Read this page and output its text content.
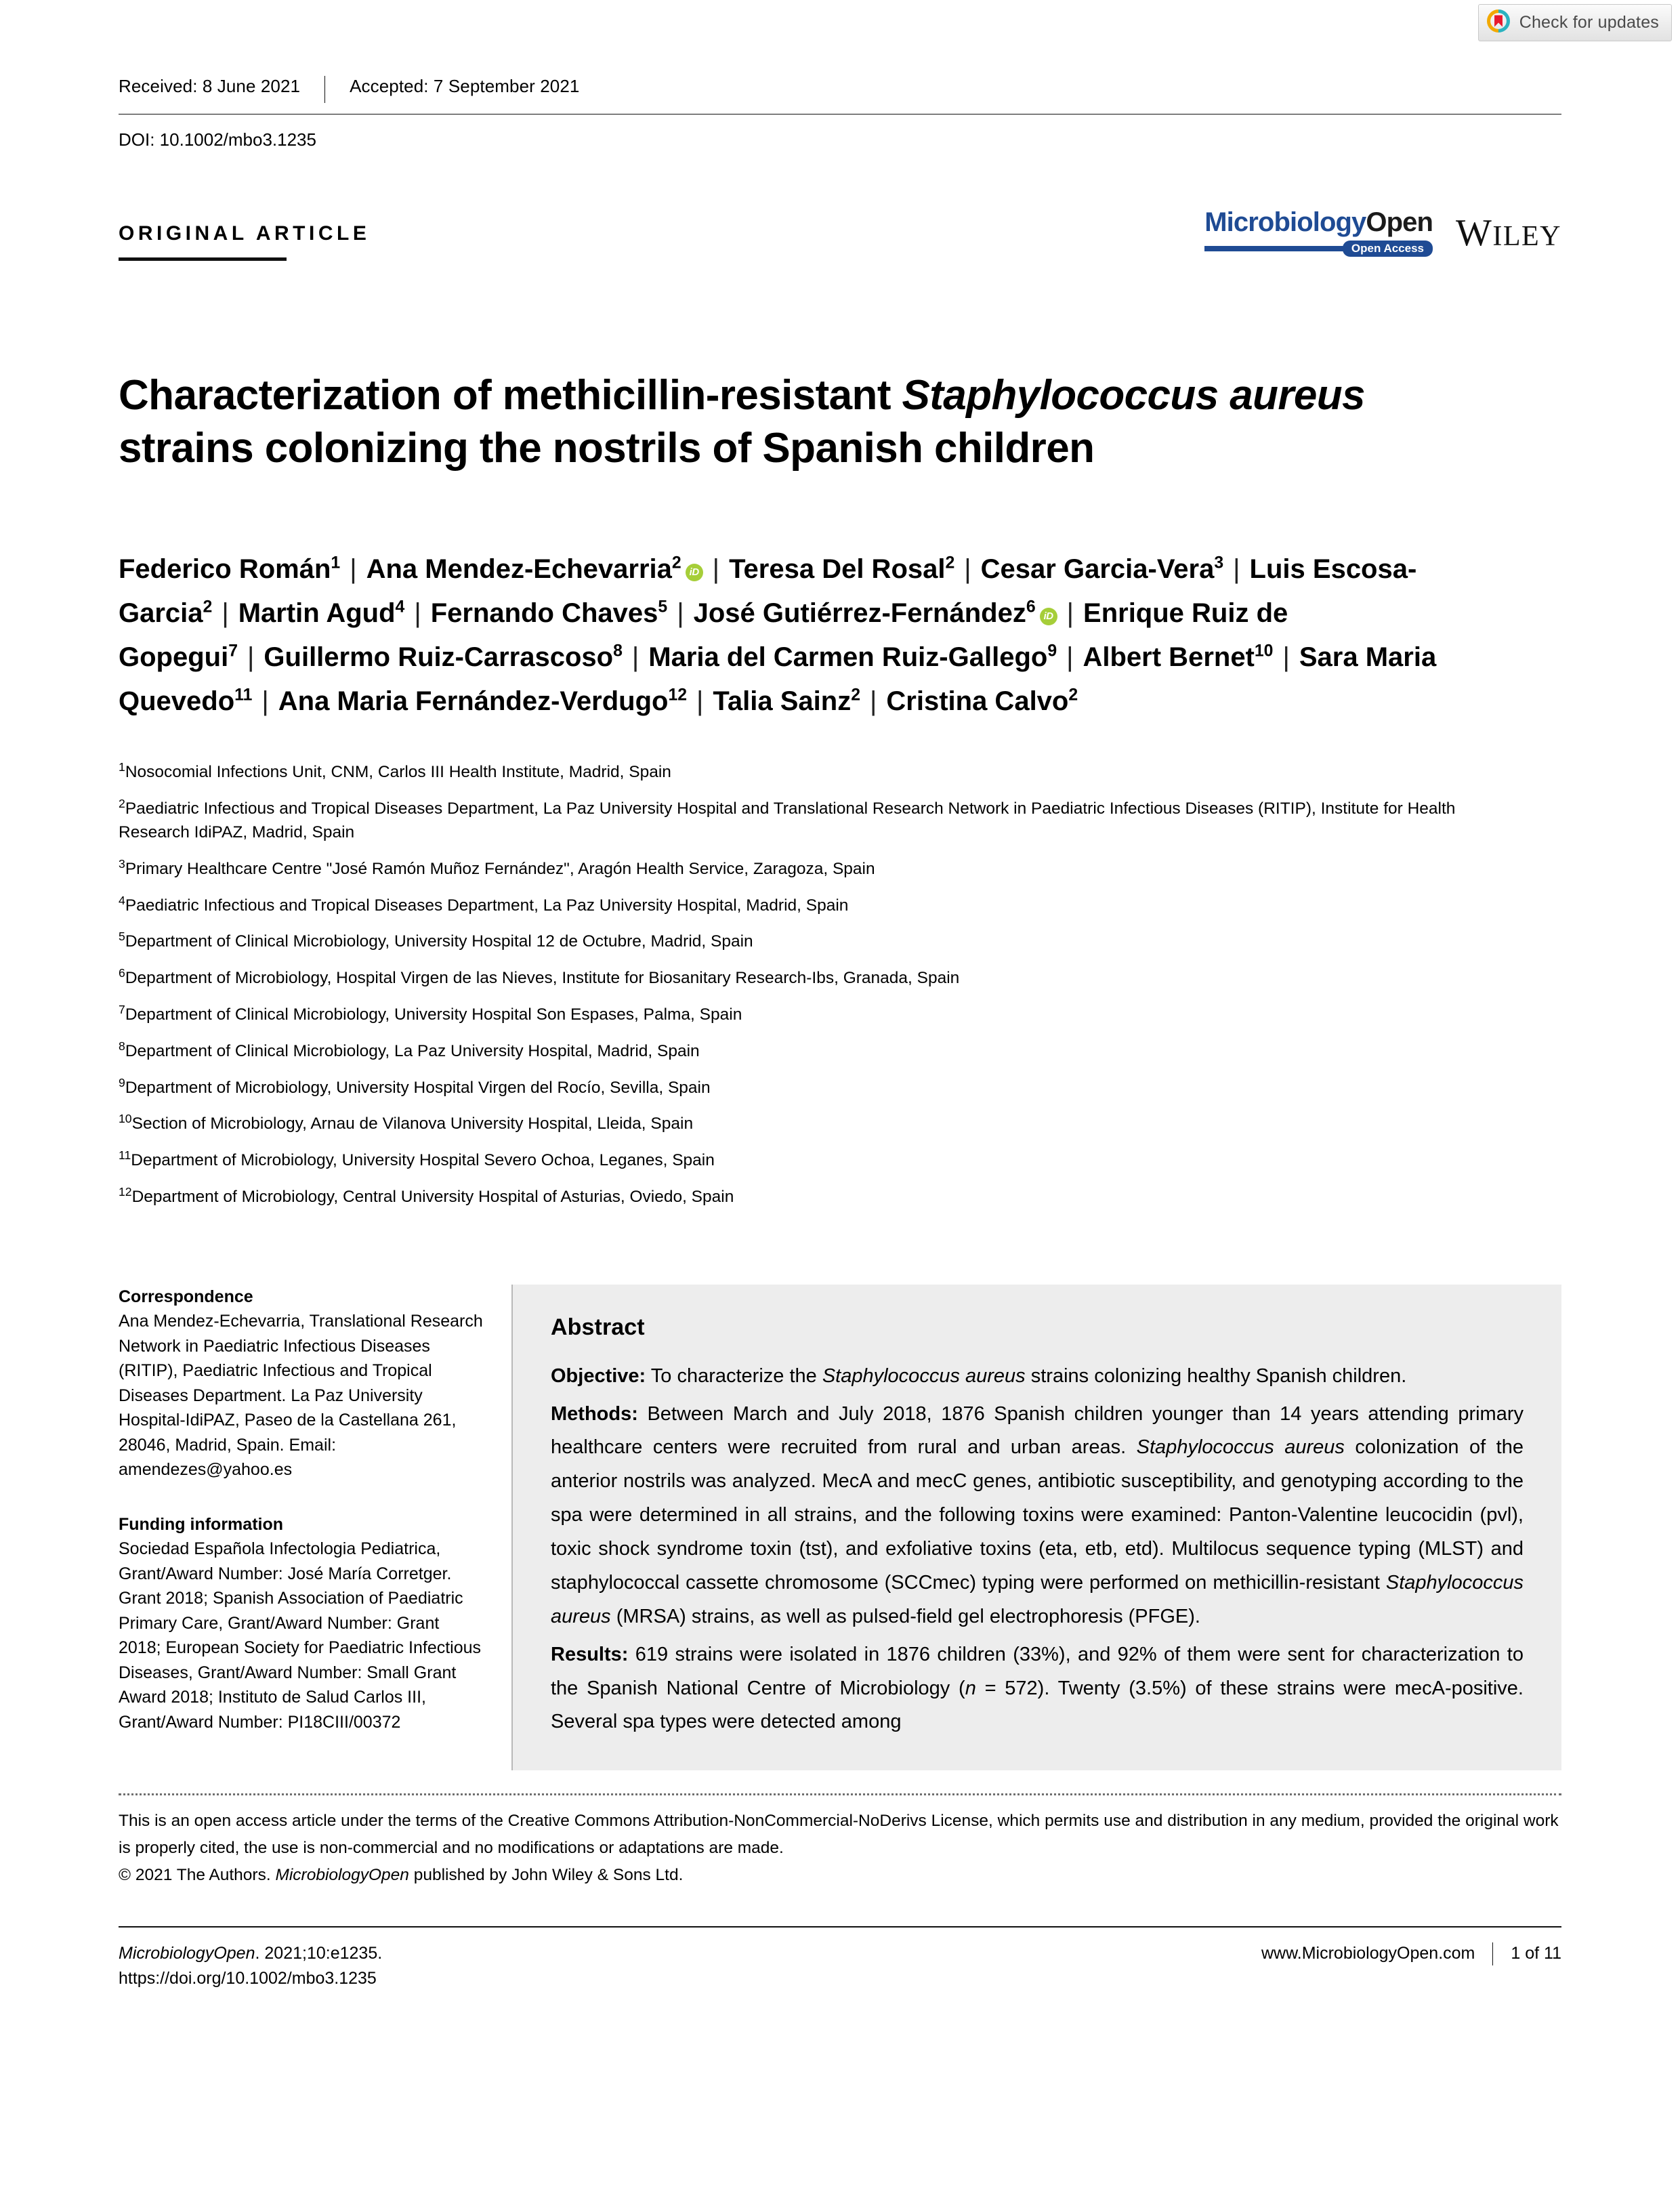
Check for updates
Received: 8 June 2021	Accepted: 7 September 2021
DOI: 10.1002/mbo3.1235
ORIGINAL ARTICLE	MicrobiologyOpen
Open Access WILEY
Characterization of methicillin-resistant Staphylococcus aureus
strains colonizing the nostrils of Spanish children
Federico Román$^1$ | Ana Mendez-Echevarria$^2$ iD | Teresa Del Rosal$^2$ | Cesar Garcia-Vera$^3$ | Luis Escosa-Garcia$^2$ | Martin Agud$^4$ | Fernando Chaves$^5$ | José Gutiérrez-Fernández$^6$ iD | Enrique Ruiz de Gopegui$^7$ | Guillermo Ruiz-Carrascoso$^8$ | Maria del Carmen Ruiz-Gallego$^9$ | Albert Bernet$^{10}$ | Sara Maria Quevedo$^{11}$ | Ana Maria Fernández-Verdugo$^{12}$ | Talia Sainz$^2$ | Cristina Calvo$^2$
$^1$Nosocomial Infections Unit, CNM, Carlos III Health Institute, Madrid, Spain
$^2$Paediatric Infectious and Tropical Diseases Department, La Paz University Hospital and Translational Research Network in Paediatric Infectious Diseases (RITIP), Institute for Health Research IdiPAZ, Madrid, Spain
$^3$Primary Healthcare Centre "José Ramón Muñoz Fernández", Aragón Health Service, Zaragoza, Spain
$^4$Paediatric Infectious and Tropical Diseases Department, La Paz University Hospital, Madrid, Spain
$^5$Department of Clinical Microbiology, University Hospital 12 de Octubre, Madrid, Spain
$^6$Department of Microbiology, Hospital Virgen de las Nieves, Institute for Biosanitary Research-Ibs, Granada, Spain
$^7$Department of Clinical Microbiology, University Hospital Son Espases, Palma, Spain
$^8$Department of Clinical Microbiology, La Paz University Hospital, Madrid, Spain
$^9$Department of Microbiology, University Hospital Virgen del Rocío, Sevilla, Spain
$^{10}$Section of Microbiology, Arnau de Vilanova University Hospital, Lleida, Spain
$^{11}$Department of Microbiology, University Hospital Severo Ochoa, Leganes, Spain
$^{12}$Department of Microbiology, Central University Hospital of Asturias, Oviedo, Spain
Correspondence
Ana Mendez-Echevarria, Translational Research Network in Paediatric Infectious Diseases (RITIP), Paediatric Infectious and Tropical Diseases Department. La Paz University Hospital-IdiPAZ, Paseo de la Castellana 261, 28046, Madrid, Spain. Email: amendezes@yahoo.es
Funding information
Sociedad Española Infectologia Pediatrica, Grant/Award Number: José María Corretger. Grant 2018; Spanish Association of Paediatric Primary Care, Grant/Award Number: Grant 2018; European Society for Paediatric Infectious Diseases, Grant/Award Number: Small Grant Award 2018; Instituto de Salud Carlos III, Grant/Award Number: PI18CIII/00372
Abstract

Objective: To characterize the Staphylococcus aureus strains colonizing healthy Spanish children.

Methods: Between March and July 2018, 1876 Spanish children younger than 14 years attending primary healthcare centers were recruited from rural and urban areas. Staphylococcus aureus colonization of the anterior nostrils was analyzed. MecA and mecC genes, antibiotic susceptibility, and genotyping according to the spa were determined in all strains, and the following toxins were examined: Panton-Valentine leucocidin (pvl), toxic shock syndrome toxin (tst), and exfoliative toxins (eta, etb, etd). Multilocus sequence typing (MLST) and staphylococcal cassette chromosome (SCCmec) typing were performed on methicillin-resistant Staphylococcus aureus (MRSA) strains, as well as pulsed-field gel electrophoresis (PFGE).

Results: 619 strains were isolated in 1876 children (33%), and 92% of them were sent for characterization to the Spanish National Centre of Microbiology (n = 572). Twenty (3.5%) of these strains were mecA-positive. Several spa types were detected among

This is an open access article under the terms of the Creative Commons Attribution-NonCommercial-NoDerivs License, which permits use and distribution in any medium, provided the original work is properly cited, the use is non-commercial and no modifications or adaptations are made.
© 2021 The Authors. MicrobiologyOpen published by John Wiley & Sons Ltd.
MicrobiologyOpen. 2021;10:e1235.
https://doi.org/10.1002/mbo3.1235
www.MicrobiologyOpen.com 1 of 11
